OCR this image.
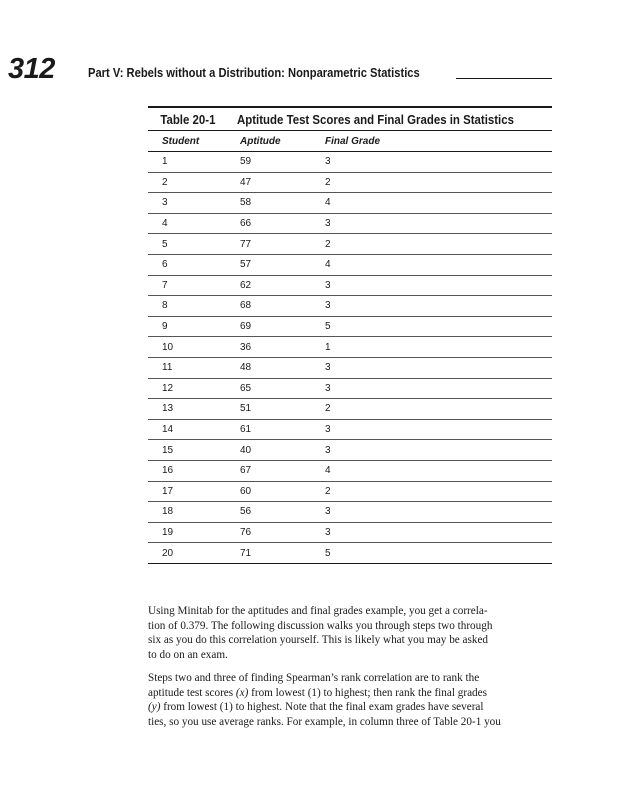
312	Part V: Rebels without a Distribution: Nonparametric Statistics
Table 20-1	Aptitude Test Scores and Final Grades in Statistics
Student	Aptitude	Final Grade
1	59	3
2	47	2
3	58	4
4	66	3
5	77	2
6	57	4
7	62	3
8	68	3
9	69	5
10	36	1
11	48	3
12	65	3
13	51	2
14	61	3
15	40	3
16	67	4
17	60	2
18	56	3
19	76	3
20	71	5
Using Minitab for the aptitudes and final grades example, you get a correla-
tion of 0.379. The following discussion walks you through steps two through
six as you do this correlation yourself. This is likely what you may be asked
to do on an exam.
Steps two and three of finding Spearman’s rank correlation are to rank the
aptitude test scores (x) from lowest (1) to highest; then rank the final grades
(y) from lowest (1) to highest. Note that the final exam grades have several
ties, so you use average ranks. For example, in column three of Table 20-1 you
